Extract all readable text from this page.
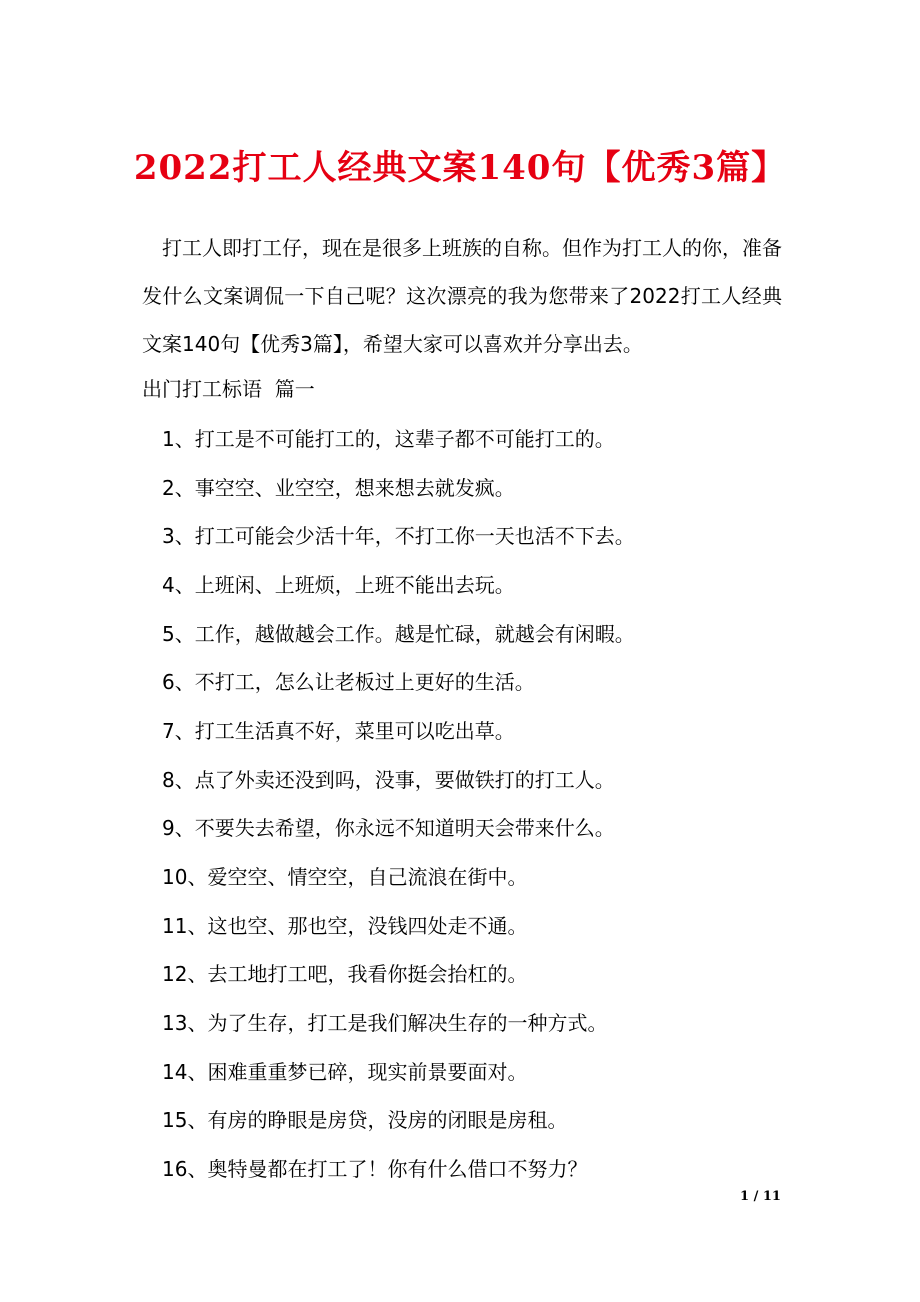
2022打工人经典文案140句【优秀3篇】

打工人即打工仔，现在是很多上班族的自称。但作为打工人的你，准备发什么文案调侃一下自己呢？这次漂亮的我为您带来了2022打工人经典文案140句【优秀3篇】，希望大家可以喜欢并分享出去。

出门打工标语  篇一
1、打工是不可能打工的，这辈子都不可能打工的。
2、事空空、业空空，想来想去就发疯。
3、打工可能会少活十年，不打工你一天也活不下去。
4、上班闲、上班烦，上班不能出去玩。
5、工作，越做越会工作。越是忙碌，就越会有闲暇。
6、不打工，怎么让老板过上更好的生活。
7、打工生活真不好，菜里可以吃出草。
8、点了外卖还没到吗，没事，要做铁打的打工人。
9、不要失去希望，你永远不知道明天会带来什么。
10、爱空空、情空空，自己流浪在街中。
11、这也空、那也空，没钱四处走不通。
12、去工地打工吧，我看你挺会抬杠的。
13、为了生存，打工是我们解决生存的一种方式。
14、困难重重梦已碎，现实前景要面对。
15、有房的睁眼是房贷，没房的闭眼是房租。
16、奥特曼都在打工了！你有什么借口不努力？
1 / 11
